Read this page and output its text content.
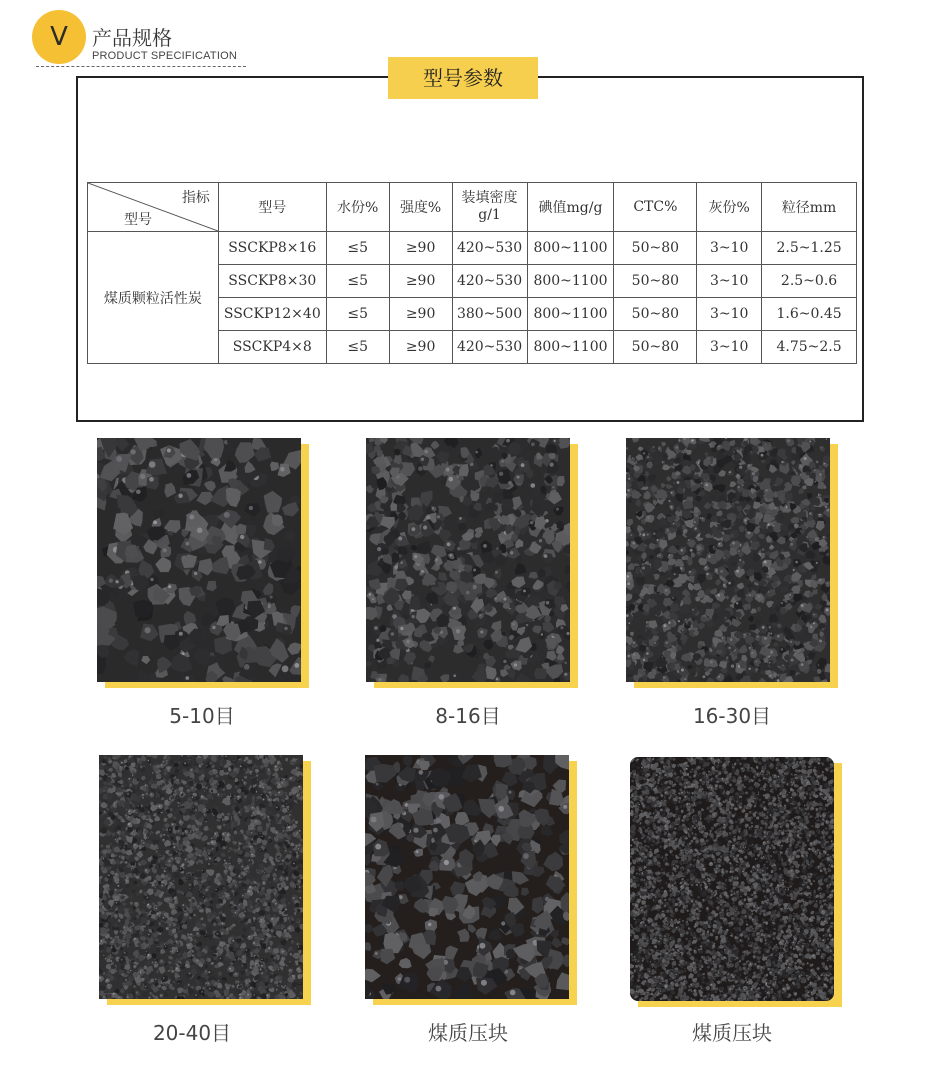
V	产品规格
PRODUCT SPECIFICATION
型号参数
指标
型号	型号	水份%	强度%	装填密度g/1	碘值mg/g	CTC%	灰份%	粒径mm
煤质颗粒活性炭	SSCKP8×16	≤5	≥90	420~530	800~1100	50~80	3~10	2.5~1.25
	SSCKP8×30	≤5	≥90	420~530	800~1100	50~80	3~10	2.5~0.6
	SSCKP12×40	≤5	≥90	380~500	800~1100	50~80	3~10	1.6~0.45
	SSCKP4×8	≤5	≥90	420~530	800~1100	50~80	3~10	4.75~2.5
5-10目	8-16目	16-30目
20-40目	煤质压块	煤质压块
